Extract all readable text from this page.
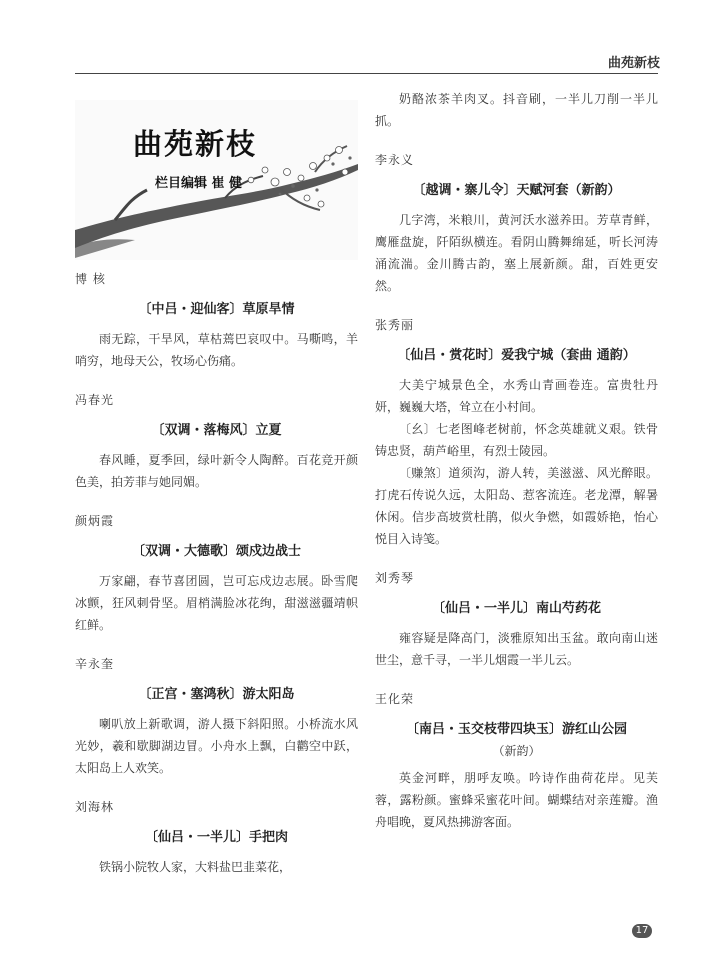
曲苑新枝
曲苑新枝
栏目编辑 崔 健
博 核
〔中吕・迎仙客〕草原旱情

雨无踪，干旱风，草枯蔫巴哀叹中。马嘶鸣，羊哨穷，地母天公，牧场心伤痛。

冯春光
〔双调・落梅风〕立夏

春风睡，夏季回，绿叶新令人陶醉。百花竞开颜色美，拍芳菲与她同媚。

颜炳霞
〔双调・大德歌〕颂戍边战士

万家翩，春节喜团圆，岂可忘戍边志展。卧雪爬冰颤，狂风刺骨坚。眉梢满脸冰花绚，甜滋滋疆靖帜红鲜。

辛永奎
〔正宫・塞鸿秋〕游太阳岛

喇叭放上新歌调，游人摄下斜阳照。小桥流水风光妙，羲和歇脚湖边冒。小舟水上飘，白鹳空中跃，太阳岛上人欢笑。

刘海林
〔仙吕・一半儿〕手把肉

铁锅小院牧人家，大料盐巴韭菜花，

奶酪浓茶羊肉叉。抖音刷，一半儿刀削一半儿抓。

李永义
〔越调・寨儿令〕天赋河套（新韵）

几字湾，米粮川，黄河沃水滋养田。芳草青鲜，鹰雁盘旋，阡陌纵横连。看阴山腾舞绵延，听长河涛涌流湍。金川腾古韵，塞上展新颜。甜，百姓更安然。

张秀丽
〔仙吕・赏花时〕爱我宁城（套曲 通韵）

大美宁城景色全，水秀山青画卷连。富贵牡丹妍，巍巍大塔，耸立在小村间。

〔幺〕七老图峰老树前，怀念英雄就义艰。铁骨铸忠贤，葫芦峪里，有烈士陵园。

〔赚煞〕道须沟，游人转，美滋滋、风光醉眼。打虎石传说久远，太阳岛、惹客流连。老龙潭，解暑休闲。信步高坡赏杜鹃，似火争燃，如霞娇艳，怡心悦目入诗笺。

刘秀琴
〔仙吕・一半儿〕南山芍药花

雍容疑是降高门，淡雅原知出玉盆。敢向南山迷世尘，意千寻，一半儿烟霞一半儿云。

王化荣
〔南吕・玉交枝带四块玉〕游红山公园
（新韵）

英金河畔，朋呼友唤。吟诗作曲荷花岸。见芙蓉，露粉颜。蜜蜂采蜜花叶间。蝴蝶结对亲莲瓣。渔舟唱晚，夏风热拂游客面。

17
